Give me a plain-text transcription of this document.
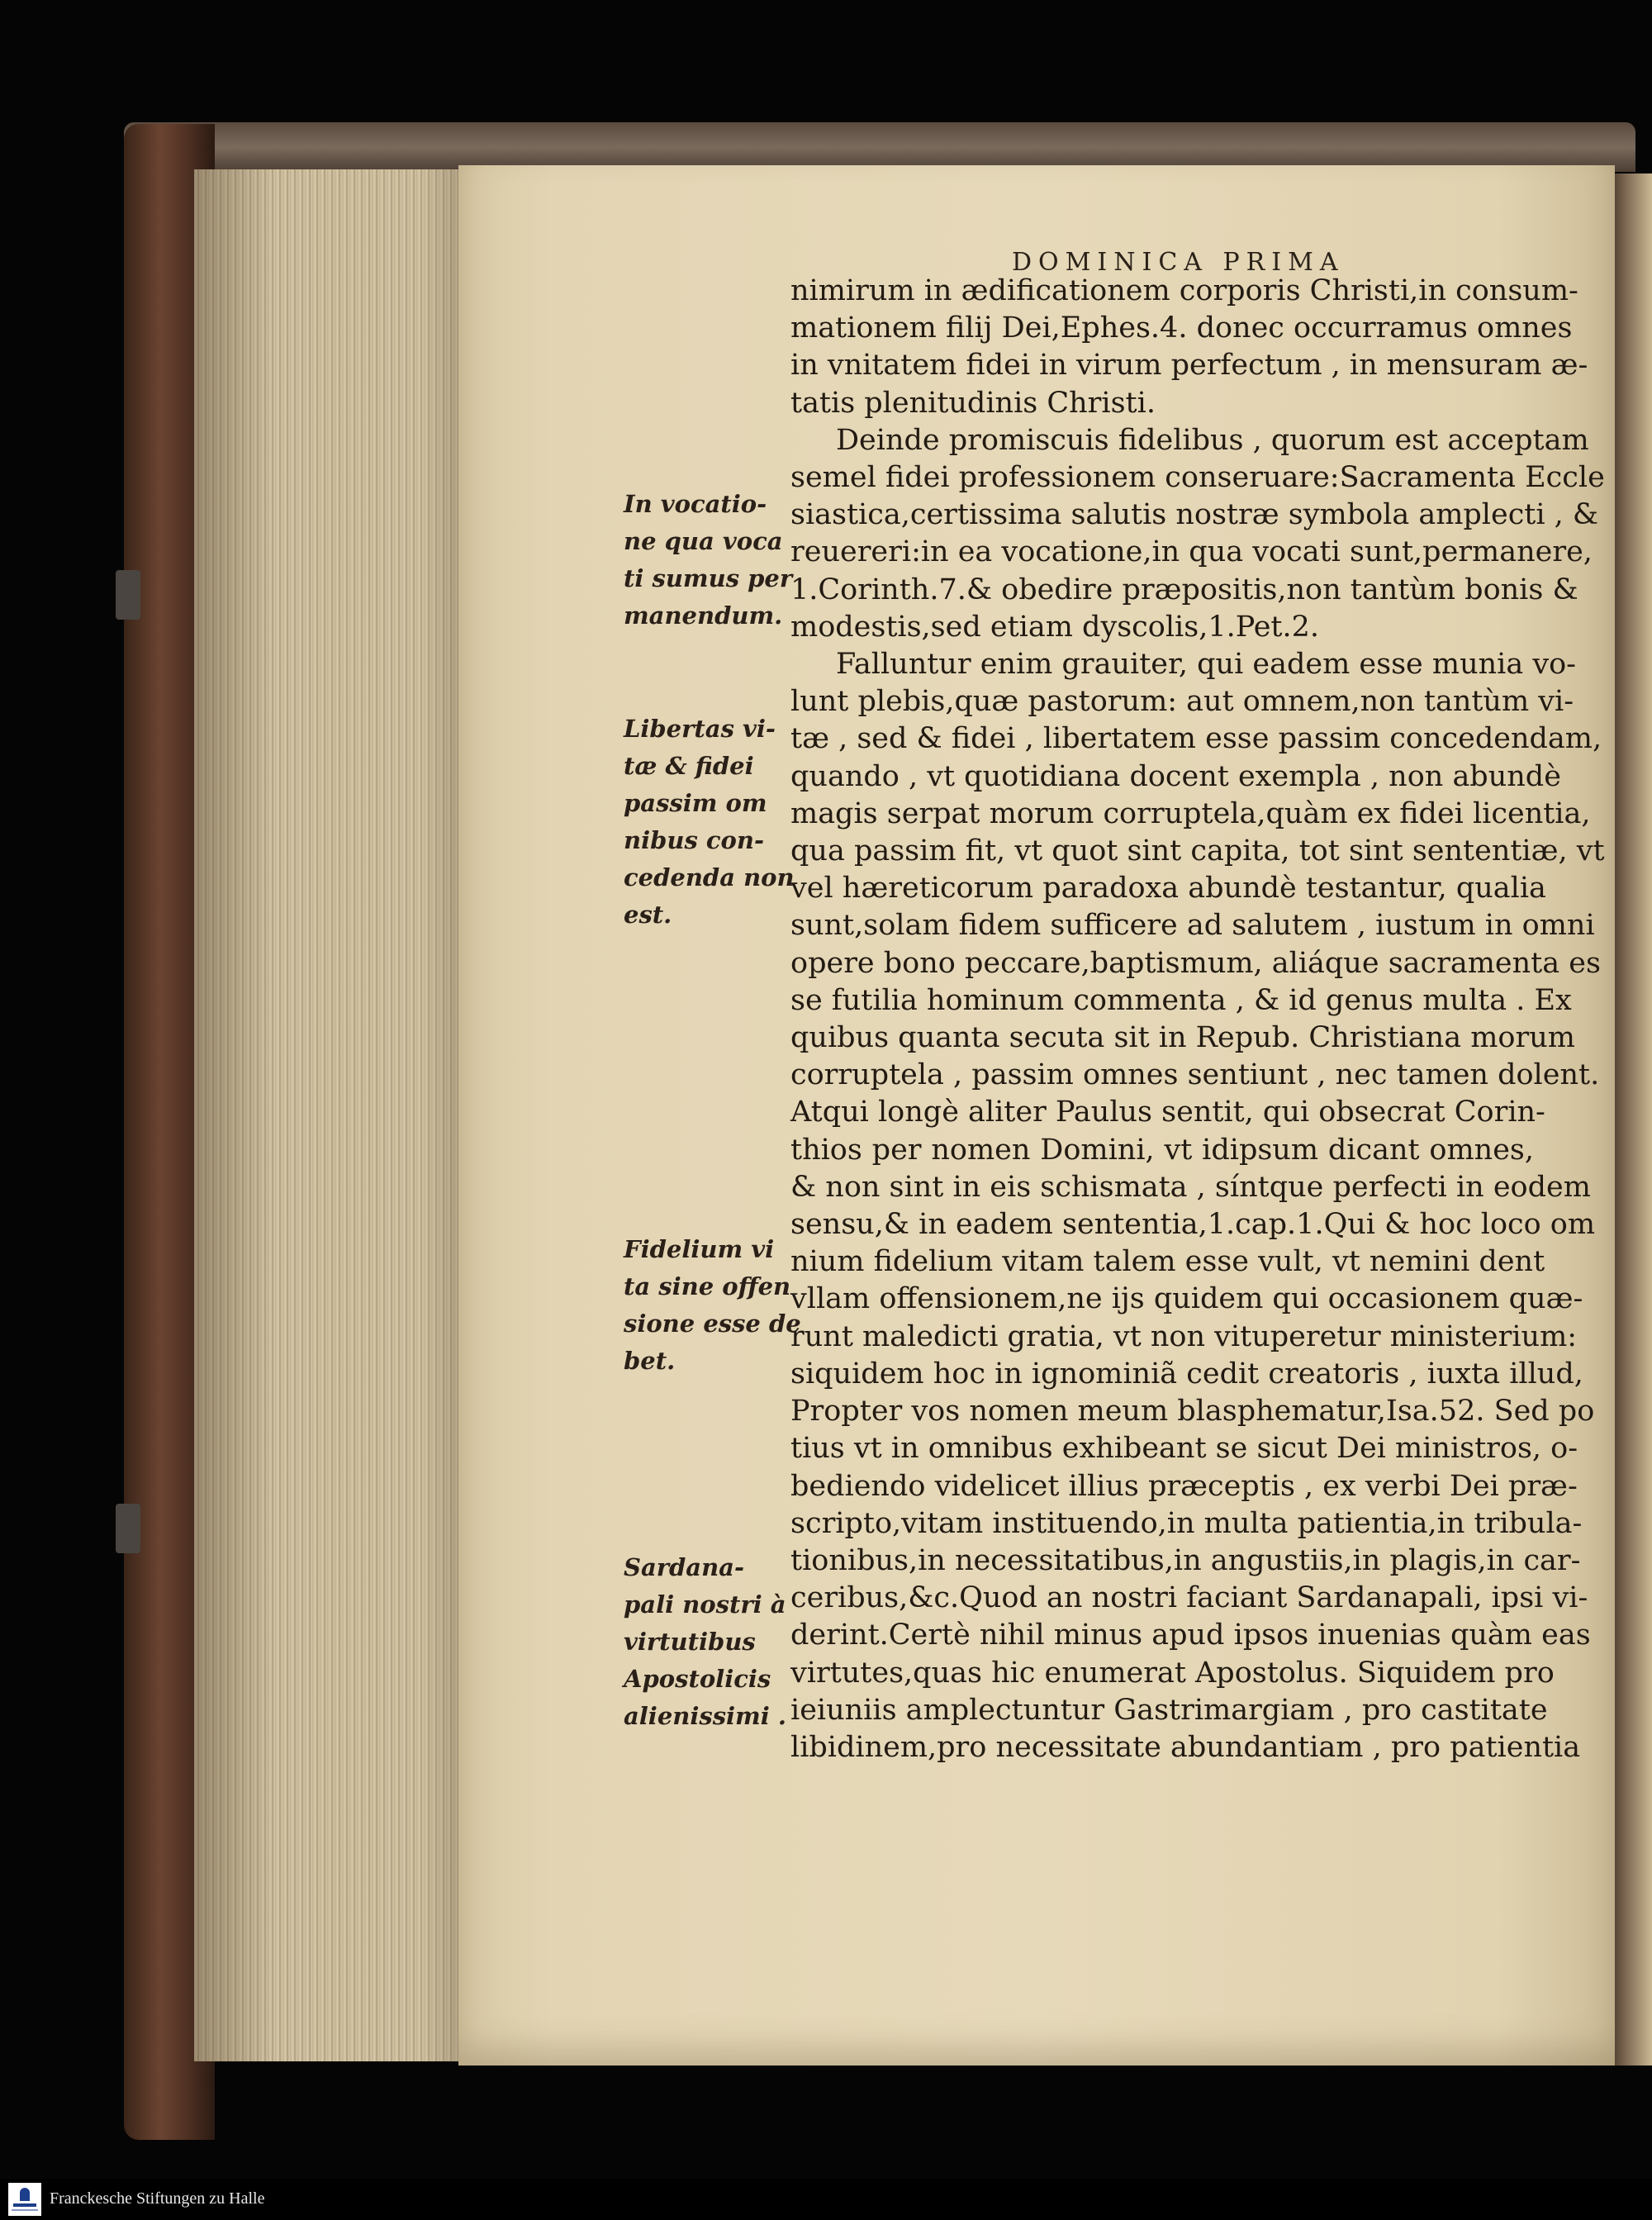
DOMINICA PRIMA
nimirum in ædificationem corporis Christi,in consum-
mationem filij Dei,Ephes.4. donec occurramus omnes
in vnitatem fidei in virum perfectum , in mensuram æ-
tatis plenitudinis Christi.
Deinde promiscuis fidelibus , quorum est acceptam
semel fidei professionem conseruare:Sacramenta Eccle
siastica,certissima salutis nostræ symbola amplecti , &
reuereri:in ea vocatione,in qua vocati sunt,permanere,
1.Corinth.7.& obedire præpositis,non tantùm bonis &
modestis,sed etiam dyscolis,1.Pet.2.
Falluntur enim grauiter, qui eadem esse munia vo-
lunt plebis,quæ pastorum: aut omnem,non tantùm vi-
tæ , sed & fidei , libertatem esse passim concedendam,
quando , vt quotidiana docent exempla , non abundè
magis serpat morum corruptela,quàm ex fidei licentia,
qua passim fit, vt quot sint capita, tot sint sententiæ, vt
vel hæreticorum paradoxa abundè testantur, qualia
sunt,solam fidem sufficere ad salutem , iustum in omni
opere bono peccare,baptismum, aliáque sacramenta es
se futilia hominum commenta , & id genus multa . Ex
quibus quanta secuta sit in Repub. Christiana morum
corruptela , passim omnes sentiunt , nec tamen dolent.
Atqui longè aliter Paulus sentit, qui obsecrat Corin-
thios per nomen Domini, vt idipsum dicant omnes,
& non sint in eis schismata , síntque perfecti in eodem
sensu,& in eadem sententia,1.cap.1.Qui & hoc loco om
nium fidelium vitam talem esse vult, vt nemini dent
vllam offensionem,ne ijs quidem qui occasionem quæ-
runt maledicti gratia, vt non vituperetur ministerium:
siquidem hoc in ignominiã cedit creatoris , iuxta illud,
Propter vos nomen meum blasphematur,Isa.52. Sed po
tius vt in omnibus exhibeant se sicut Dei ministros, o-
bediendo videlicet illius præceptis , ex verbi Dei præ-
scripto,vitam instituendo,in multa patientia,in tribula-
tionibus,in necessitatibus,in angustiis,in plagis,in car-
ceribus,&c.Quod an nostri faciant Sardanapali, ipsi vi-
derint.Certè nihil minus apud ipsos inuenias quàm eas
virtutes,quas hic enumerat Apostolus. Siquidem pro
ieiuniis amplectuntur Gastrimargiam , pro castitate
libidinem,pro necessitate abundantiam , pro patientia
In vocatio-
ne qua voca
ti sumus per
manendum.
Libertas vi-
tæ & fidei
passim om
nibus con-
cedenda non
est.
Fidelium vi
ta sine offen
sione esse de
bet.
Sardana-
pali nostri à
virtutibus
Apostolicis
alienissimi .
Franckesche Stiftungen zu Halle
